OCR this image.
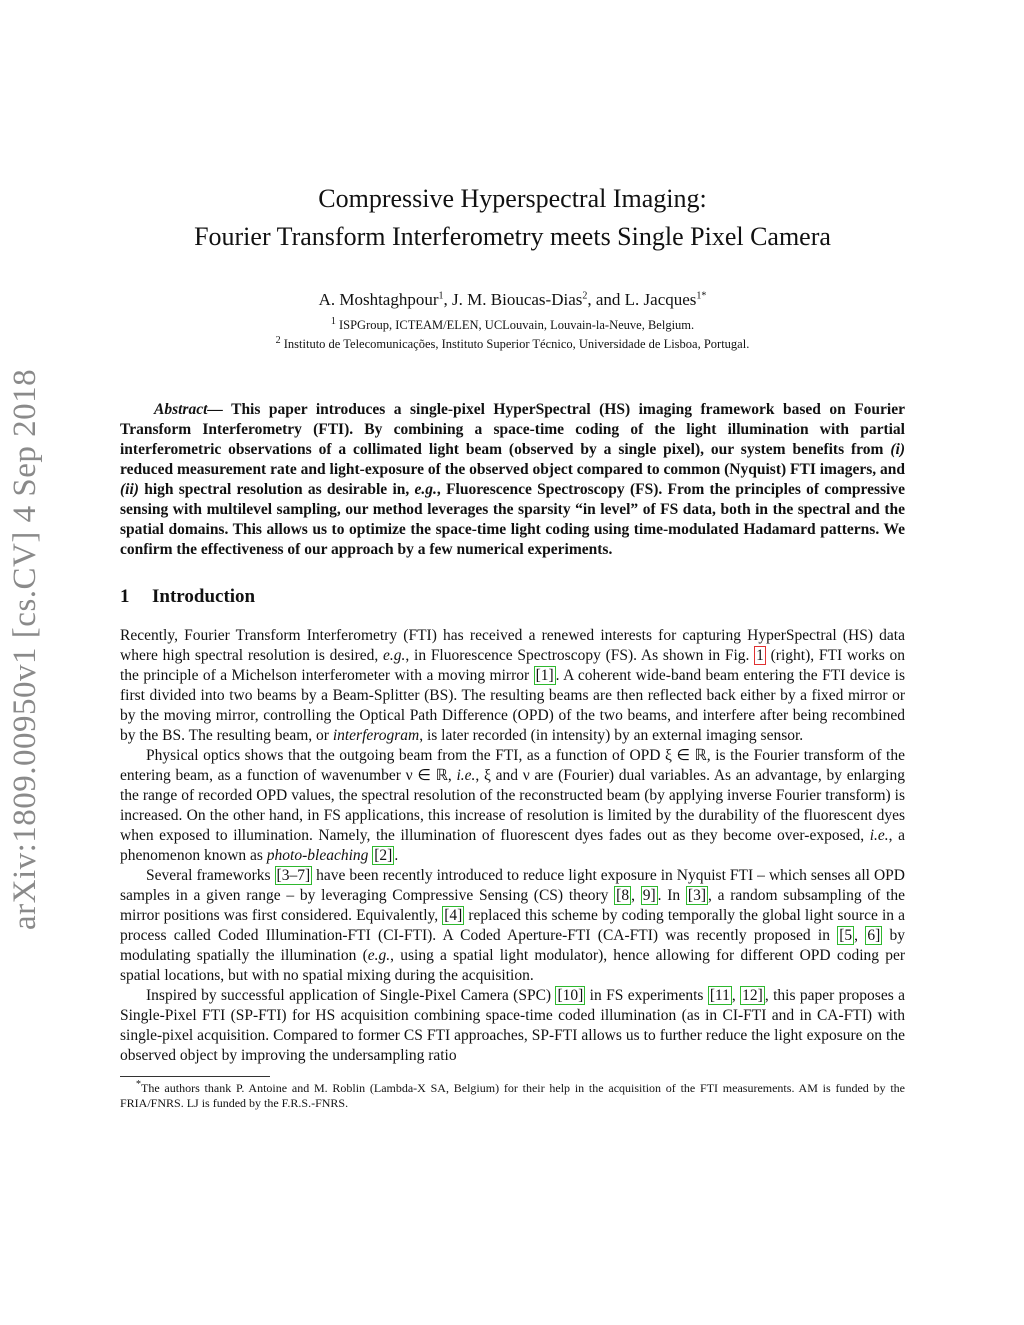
arXiv:1809.00950v1 [cs.CV] 4 Sep 2018
Compressive Hyperspectral Imaging:
Fourier Transform Interferometry meets Single Pixel Camera
A. Moshtaghpour$^1$, J. M. Bioucas-Dias$^2$, and L. Jacques$^{1*}$
$^1$ ISPGroup, ICTEAM/ELEN, UCLouvain, Louvain-la-Neuve, Belgium.
$^2$ Instituto de Telecomunicações, Instituto Superior Técnico, Universidade de Lisboa, Portugal.
Abstract— This paper introduces a single-pixel HyperSpectral (HS) imaging framework based on Fourier Transform Interferometry (FTI). By combining a space-time coding of the light illumination with partial interferometric observations of a collimated light beam (observed by a single pixel), our system benefits from (i) reduced measurement rate and light-exposure of the observed object compared to common (Nyquist) FTI imagers, and (ii) high spectral resolution as desirable in, e.g., Fluorescence Spectroscopy (FS). From the principles of compressive sensing with multilevel sampling, our method leverages the sparsity “in level” of FS data, both in the spectral and the spatial domains. This allows us to optimize the space-time light coding using time-modulated Hadamard patterns. We confirm the effectiveness of our approach by a few numerical experiments.
1 Introduction

Recently, Fourier Transform Interferometry (FTI) has received a renewed interests for capturing HyperSpectral (HS) data where high spectral resolution is desired, e.g., in Fluorescence Spectroscopy (FS). As shown in Fig. 1 (right), FTI works on the principle of a Michelson interferometer with a moving mirror [1] . A coherent wide-band beam entering the FTI device is first divided into two beams by a Beam-Splitter (BS). The resulting beams are then reflected back either by a fixed mirror or by the moving mirror, controlling the Optical Path Difference (OPD) of the two beams, and interfere after being recombined by the BS. The resulting beam, or interferogram, is later recorded (in intensity) by an external imaging sensor.

Physical optics shows that the outgoing beam from the FTI, as a function of OPD ξ ∈ ℝ, is the Fourier transform of the entering beam, as a function of wavenumber ν ∈ ℝ, i.e., ξ and ν are (Fourier) dual variables. As an advantage, by enlarging the range of recorded OPD values, the spectral resolution of the reconstructed beam (by applying inverse Fourier transform) is increased. On the other hand, in FS applications, this increase of resolution is limited by the durability of the fluorescent dyes when exposed to illumination. Namely, the illumination of fluorescent dyes fades out as they become over-exposed, i.e., a phenomenon known as photo-bleaching [2] .

Several frameworks [3–7] have been recently introduced to reduce light exposure in Nyquist FTI – which senses all OPD samples in a given range – by leveraging Compressive Sensing (CS) theory [8 , 9] . In [3] , a random subsampling of the mirror positions was first considered. Equivalently, [4] replaced this scheme by coding temporally the global light source in a process called Coded Illumination-FTI (CI-FTI). A Coded Aperture-FTI (CA-FTI) was recently proposed in [5 , 6] by modulating spatially the illumination (e.g., using a spatial light modulator), hence allowing for different OPD coding per spatial locations, but with no spatial mixing during the acquisition.

Inspired by successful application of Single-Pixel Camera (SPC) [10] in FS experiments [11 , 12] , this paper proposes a Single-Pixel FTI (SP-FTI) for HS acquisition combining space-time coded illumination (as in CI-FTI and in CA-FTI) with single-pixel acquisition. Compared to former CS FTI approaches, SP-FTI allows us to further reduce the light exposure on the observed object by improving the undersampling ratio

*The authors thank P. Antoine and M. Roblin (Lambda-X SA, Belgium) for their help in the acquisition of the FTI measurements. AM is funded by the FRIA/FNRS. LJ is funded by the F.R.S.-FNRS.
